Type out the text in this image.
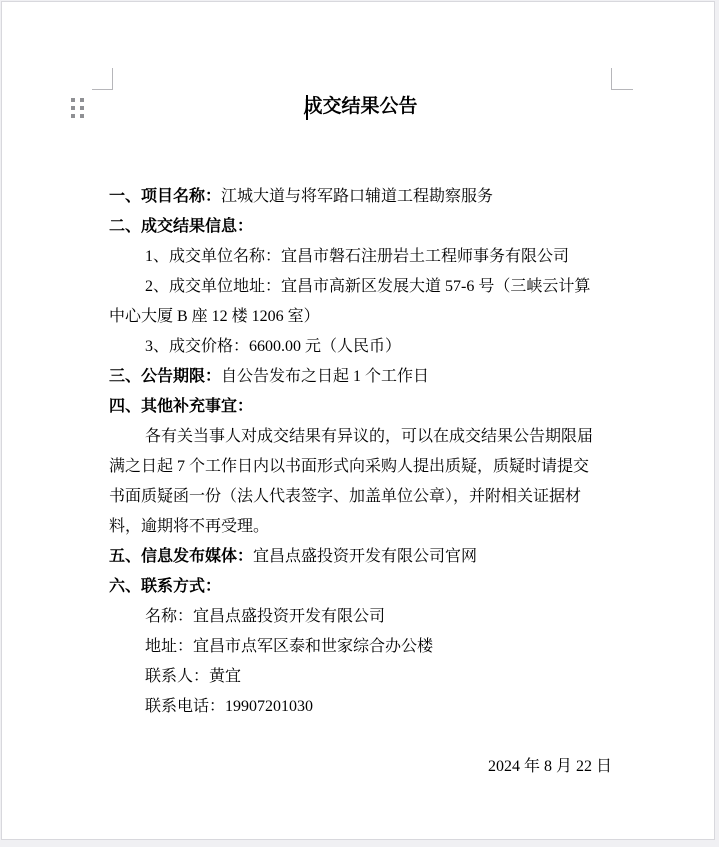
成交结果公告
一、项目名称：江城大道与将军路口辅道工程勘察服务
二、成交结果信息：
1、成交单位名称：宜昌市磐石注册岩土工程师事务有限公司
2、成交单位地址：宜昌市高新区发展大道 57-6 号（三峡云计算
中心大厦 B 座 12 楼 1206 室）
3、成交价格：6600.00 元（人民币）
三、公告期限：自公告发布之日起 1 个工作日
四、其他补充事宜：
各有关当事人对成交结果有异议的，可以在成交结果公告期限届
满之日起 7 个工作日内以书面形式向采购人提出质疑，质疑时请提交
书面质疑函一份（法人代表签字、加盖单位公章），并附相关证据材
料，逾期将不再受理。
五、信息发布媒体：宜昌点盛投资开发有限公司官网
六、联系方式：
名称：宜昌点盛投资开发有限公司
地址：宜昌市点军区泰和世家综合办公楼
联系人：黄宜
联系电话：19907201030
2024 年 8 月 22 日
